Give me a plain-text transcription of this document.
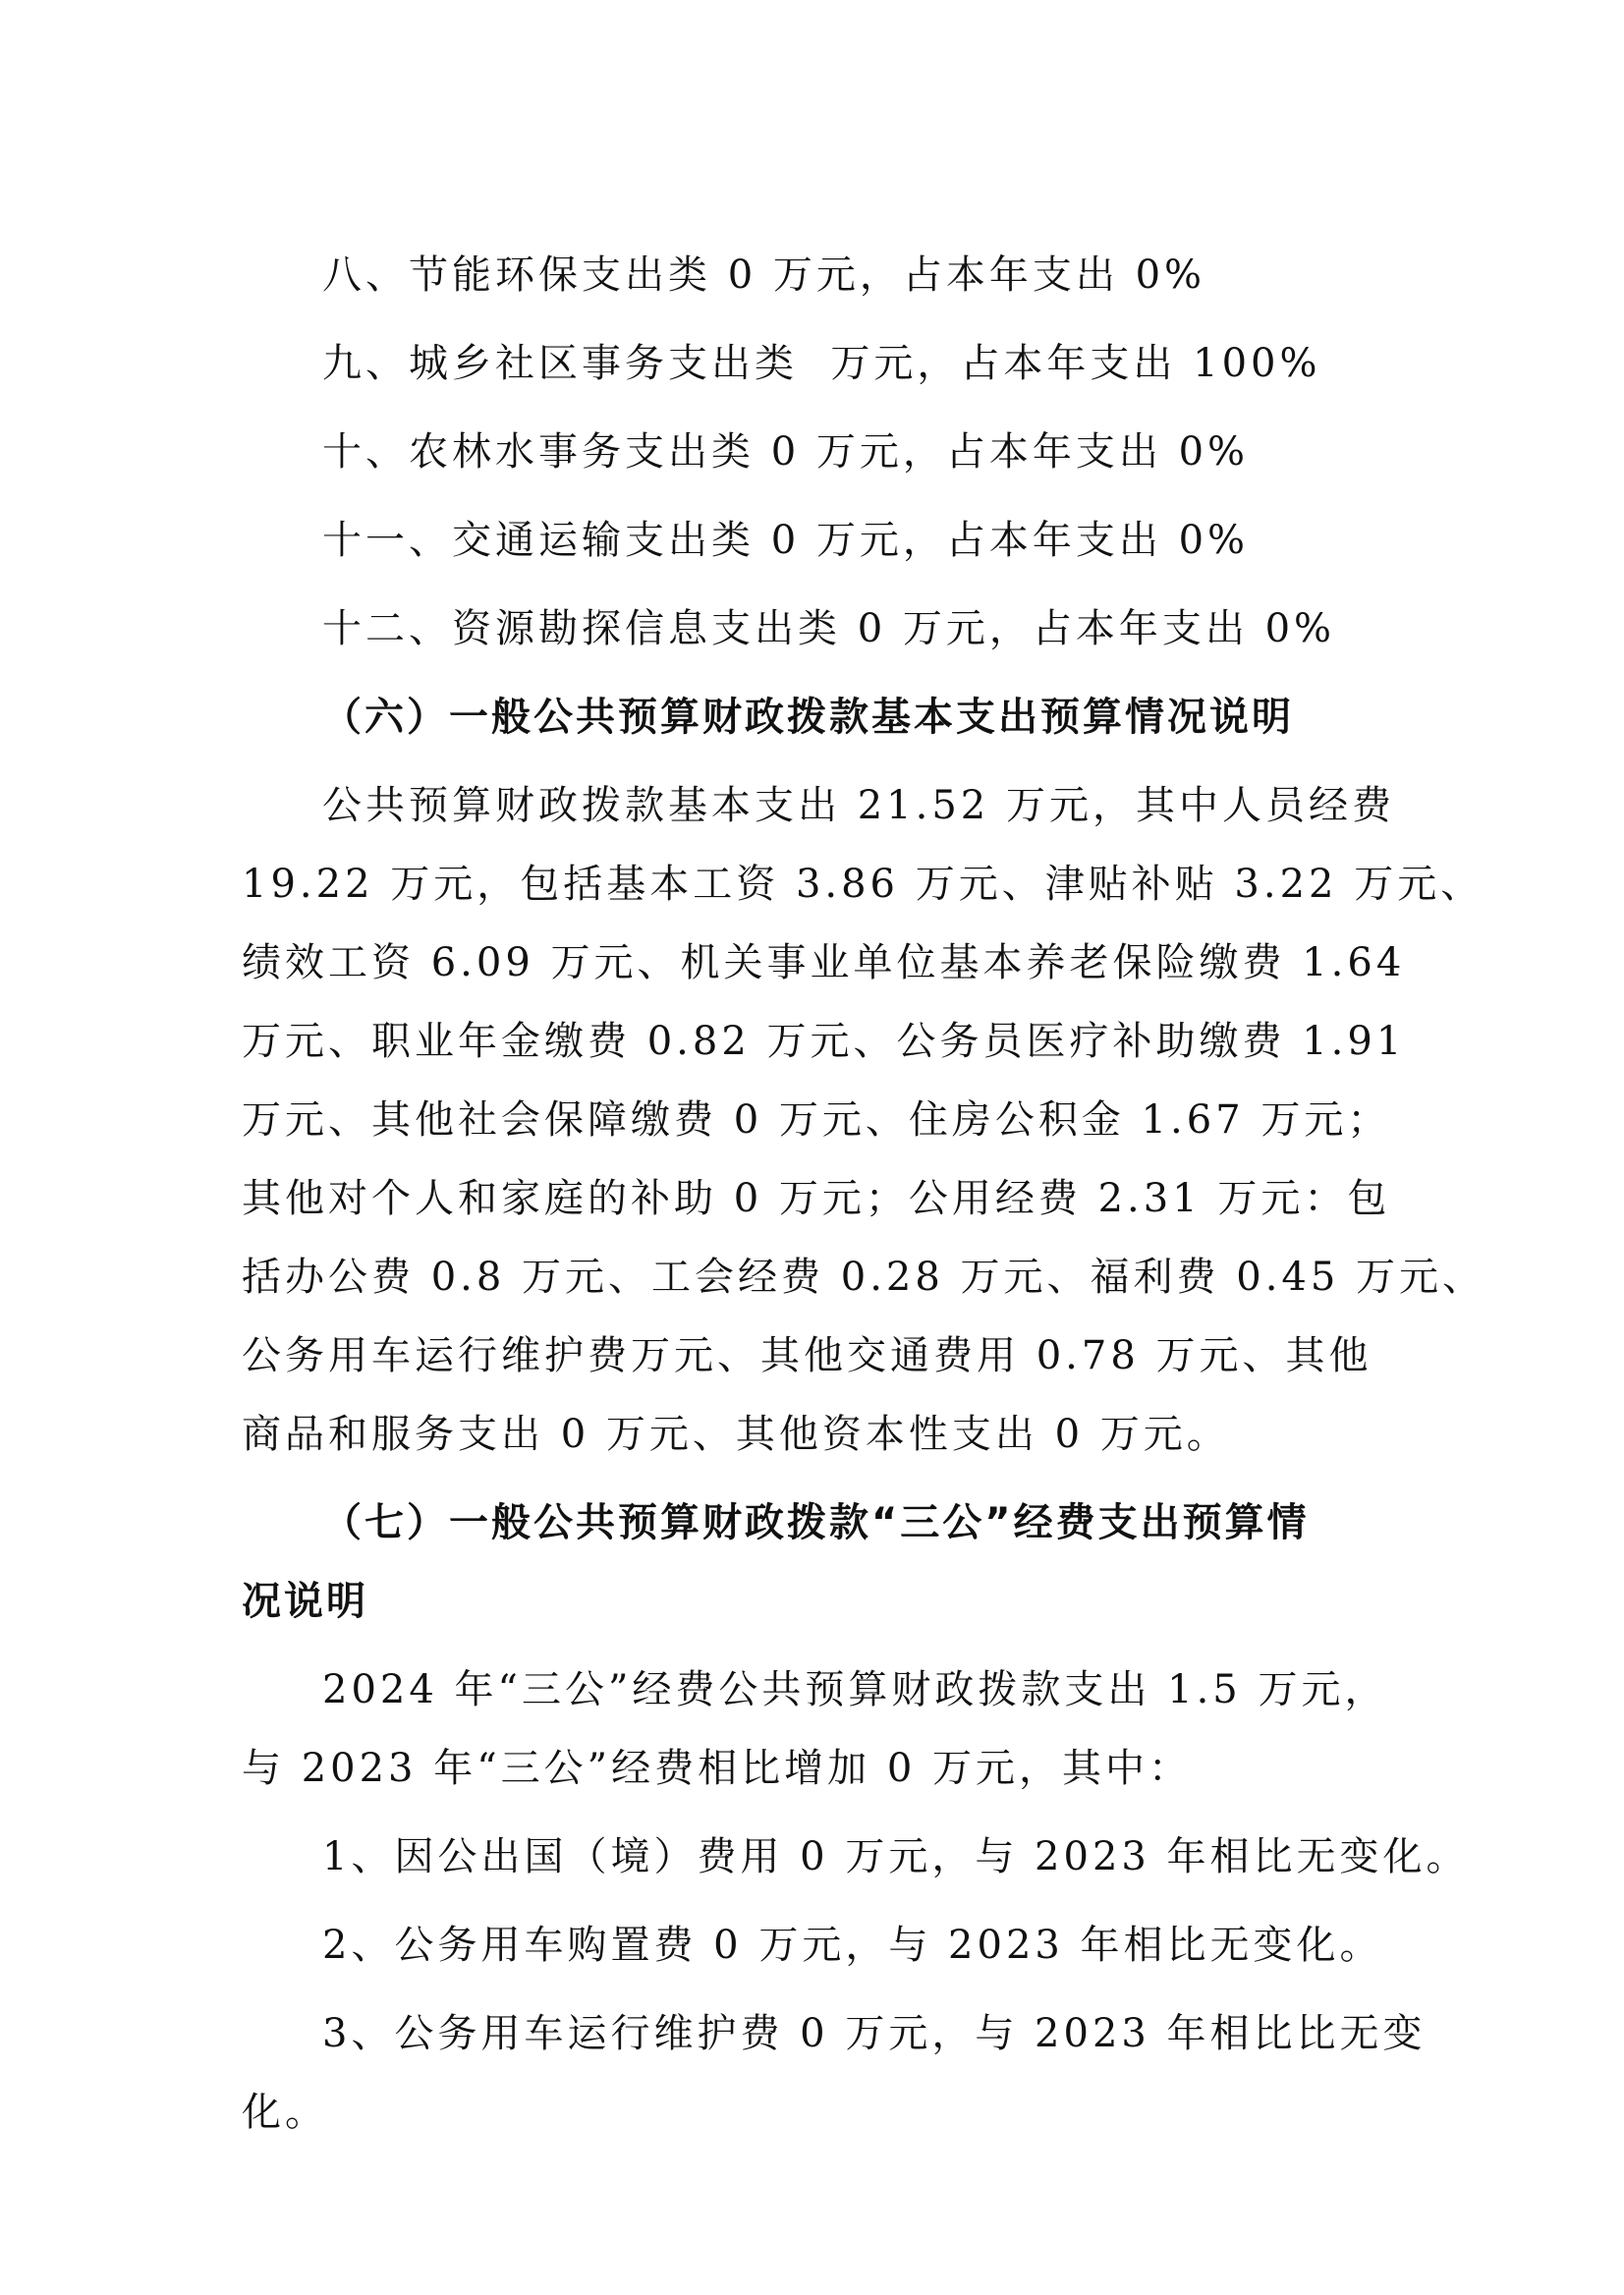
八、节能环保支出类 0 万元，占本年支出 0%

九、城乡社区事务支出类  万元，占本年支出 100%

十、农林水事务支出类 0 万元，占本年支出 0%

十一、交通运输支出类 0 万元，占本年支出 0%

十二、资源勘探信息支出类 0 万元，占本年支出 0%

（六）一般公共预算财政拨款基本支出预算情况说明

公共预算财政拨款基本支出 21.52 万元，其中人员经费

19.22 万元，包括基本工资 3.86 万元、津贴补贴 3.22 万元、

绩效工资 6.09 万元、机关事业单位基本养老保险缴费 1.64

万元、职业年金缴费 0.82 万元、公务员医疗补助缴费 1.91

万元、其他社会保障缴费 0 万元、住房公积金 1.67 万元；

其他对个人和家庭的补助 0 万元；公用经费 2.31 万元：包

括办公费 0.8 万元、工会经费 0.28 万元、福利费 0.45 万元、

公务用车运行维护费万元、其他交通费用 0.78 万元、其他

商品和服务支出 0 万元、其他资本性支出 0 万元。

（七）一般公共预算财政拨款“三公”经费支出预算情

况说明

2024 年“三公”经费公共预算财政拨款支出 1.5 万元，

与 2023 年“三公”经费相比增加 0 万元，其中：

1、因公出国（境）费用 0 万元，与 2023 年相比无变化。

2、公务用车购置费 0 万元，与 2023 年相比无变化。

3、公务用车运行维护费 0 万元，与 2023 年相比比无变

化。
